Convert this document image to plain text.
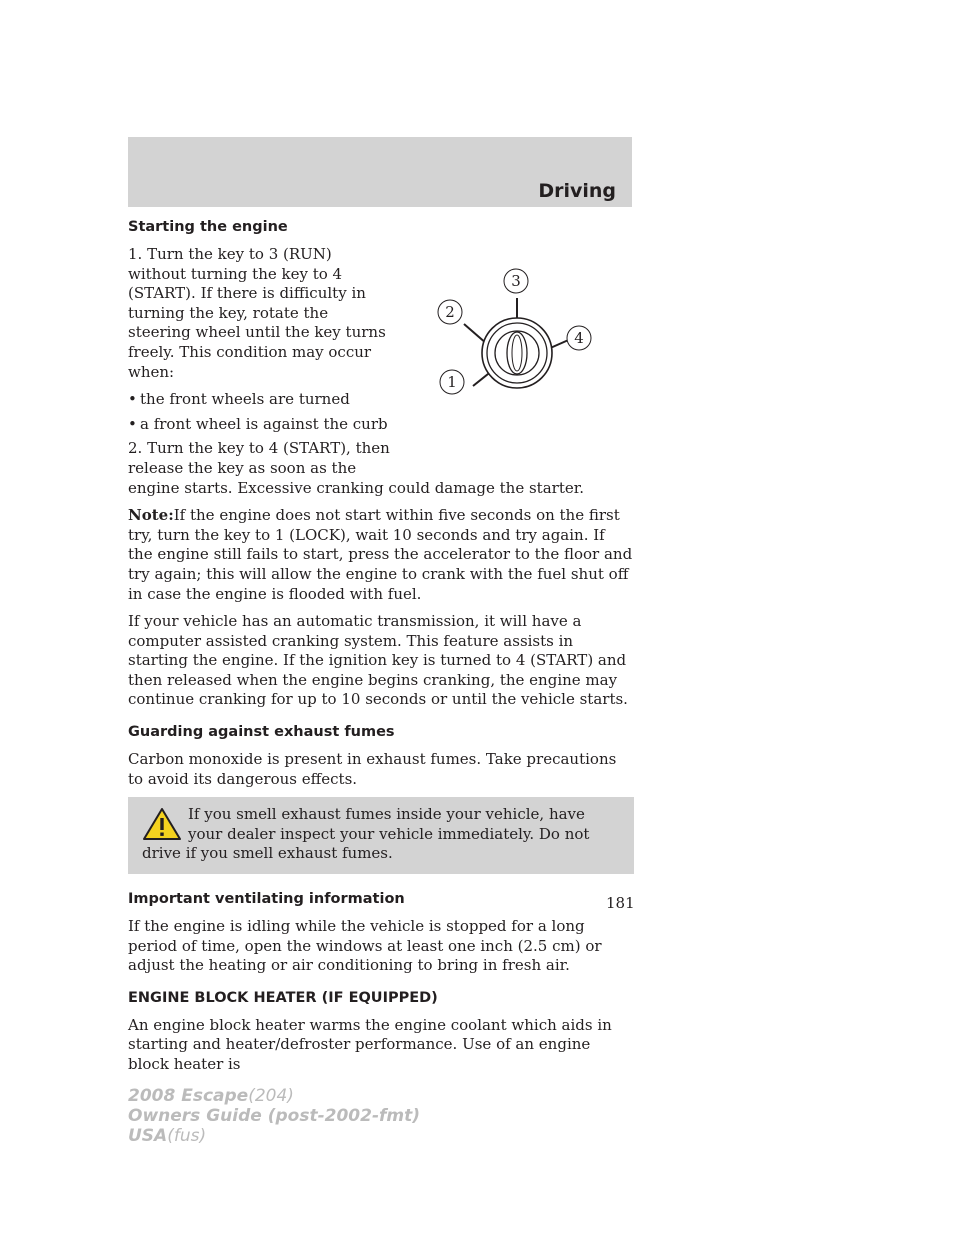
Driving
Starting the engine

1. Turn the key to 3 (RUN) without turning the key to 4 (START). If there is difficulty in turning the key, rotate the steering wheel until the key turns freely. This condition may occur when:

• the front wheels are turned
• a front wheel is against the curb

2. Turn the key to 4 (START), then release the key as soon as the

engine starts. Excessive cranking could damage the starter.

Note:If the engine does not start within five seconds on the first try, turn the key to 1 (LOCK), wait 10 seconds and try again. If the engine still fails to start, press the accelerator to the floor and try again; this will allow the engine to crank with the fuel shut off in case the engine is flooded with fuel.

If your vehicle has an automatic transmission, it will have a computer assisted cranking system. This feature assists in starting the engine. If the ignition key is turned to 4 (START) and then released when the engine begins cranking, the engine may continue cranking for up to 10 seconds or until the vehicle starts.

Guarding against exhaust fumes

Carbon monoxide is present in exhaust fumes. Take precautions to avoid its dangerous effects.

If you smell exhaust fumes inside your vehicle, have your dealer inspect your vehicle immediately. Do not drive if you smell exhaust fumes.
Important ventilating information

If the engine is idling while the vehicle is stopped for a long period of time, open the windows at least one inch (2.5 cm) or adjust the heating or air conditioning to bring in fresh air.

ENGINE BLOCK HEATER (IF EQUIPPED)

An engine block heater warms the engine coolant which aids in starting and heater/defroster performance. Use of an engine block heater is

1
2
3
4
181
2008 Escape(204)
Owners Guide (post-2002-fmt)
USA(fus)
